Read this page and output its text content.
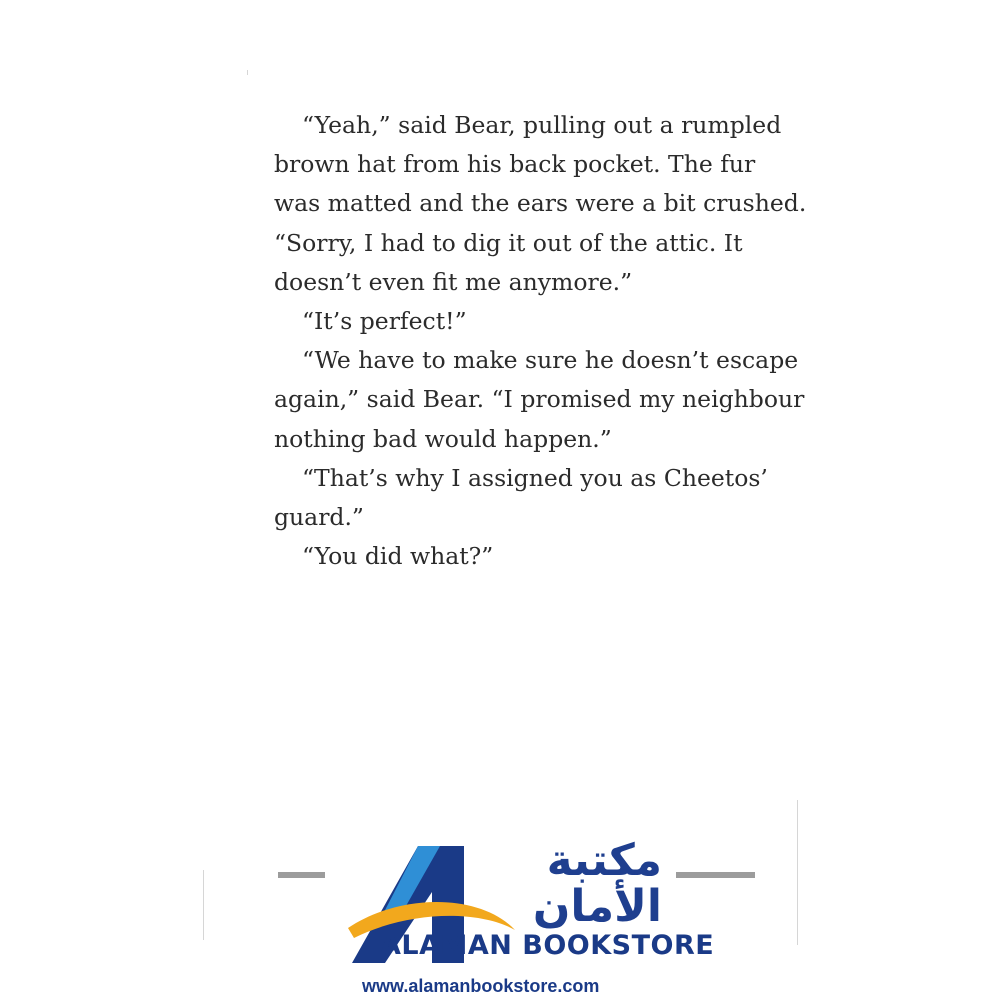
“Yeah,” said Bear, pulling out a rumpled
brown hat from his back pocket. The fur
was matted and the ears were a bit crushed.
“Sorry, I had to dig it out of the attic. It
doesn’t even fit me anymore.”
“It’s perfect!”
“We have to make sure he doesn’t escape
again,” said Bear. “I promised my neighbour
nothing bad would happen.”
“That’s why I assigned you as Cheetos’
guard.”
“You did what?”
مكتبة
الأمان
ALAMAN BOOKSTORE
www.alamanbookstore.com
